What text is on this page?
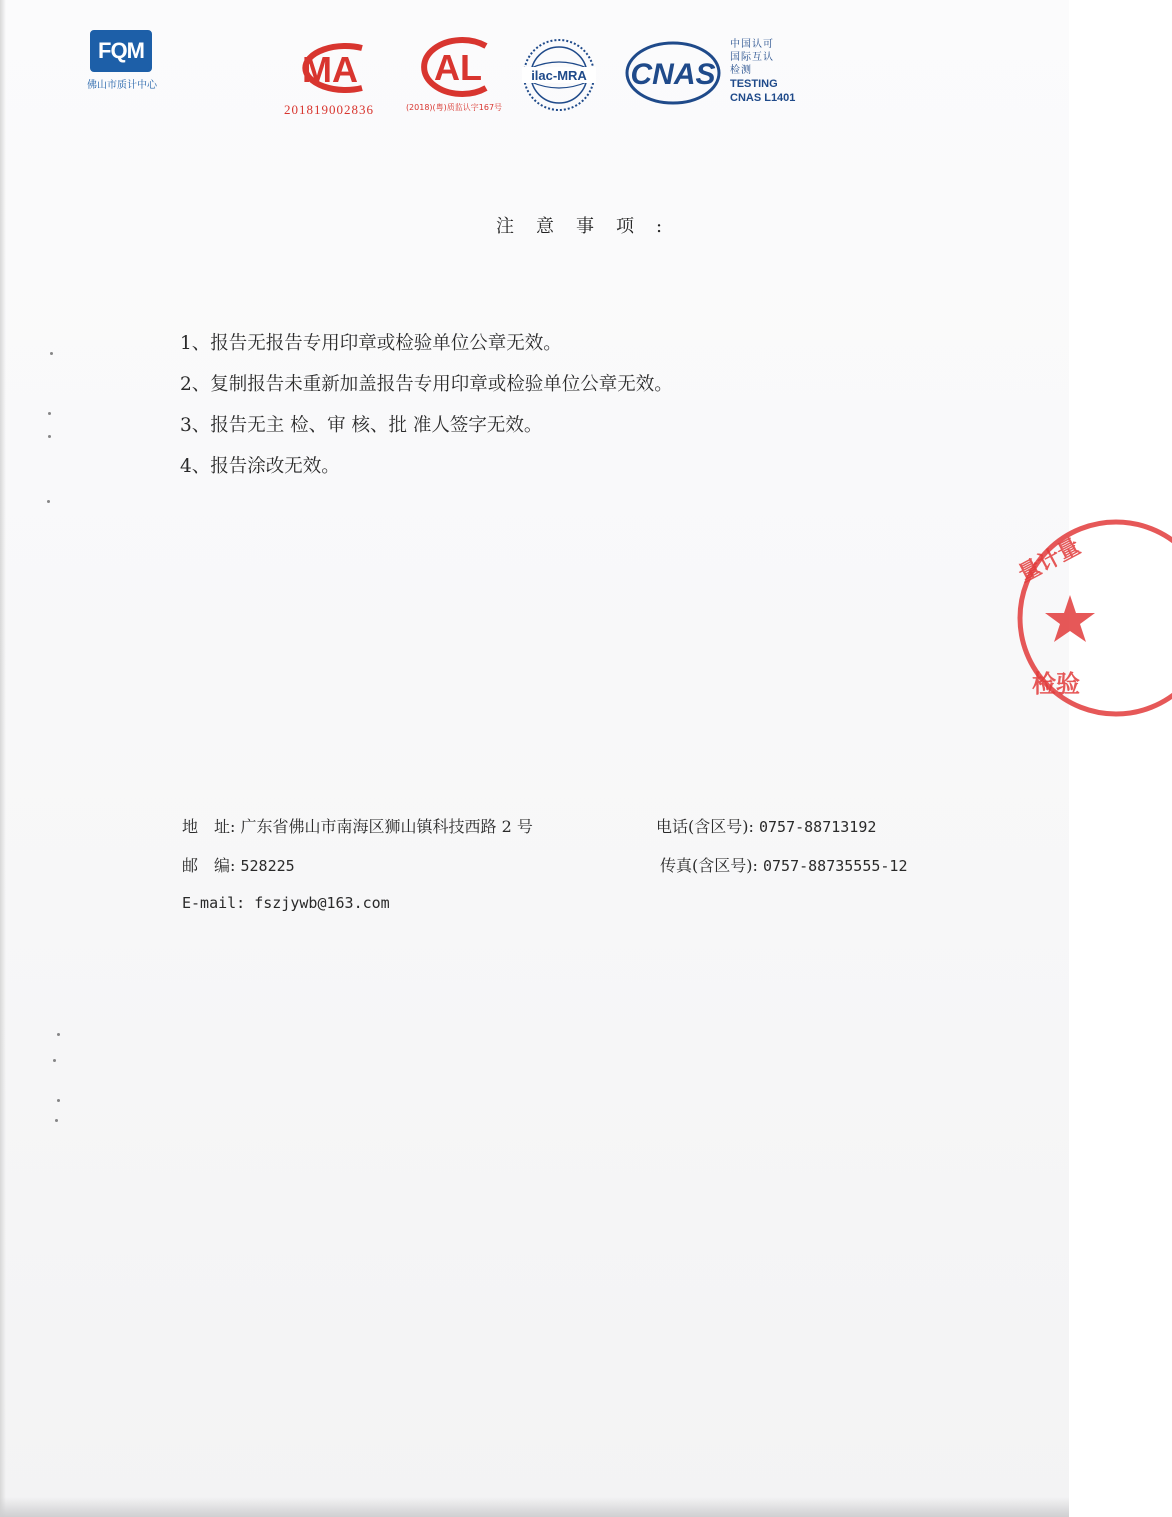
FQM
佛山市质计中心	MA
201819002836
AL
(2018)(粤)质监认字167号
ilac-MRA CNAS
中国认可
国际互认
检测
TESTING
CNAS L1401
注意事项:
1、报告无报告专用印章或检验单位公章无效。
2、复制报告未重新加盖报告专用印章或检验单位公章无效。
3、报告无主 检、审 核、批 准人签字无效。
4、报告涂改无效。
地　址: 广东省佛山市南海区狮山镇科技西路 2 号	电话(含区号): 0757-88713192
邮　编: 528225	传真(含区号): 0757-88735555-12
E-mail: fszjywb@163.com
量计量
检验
